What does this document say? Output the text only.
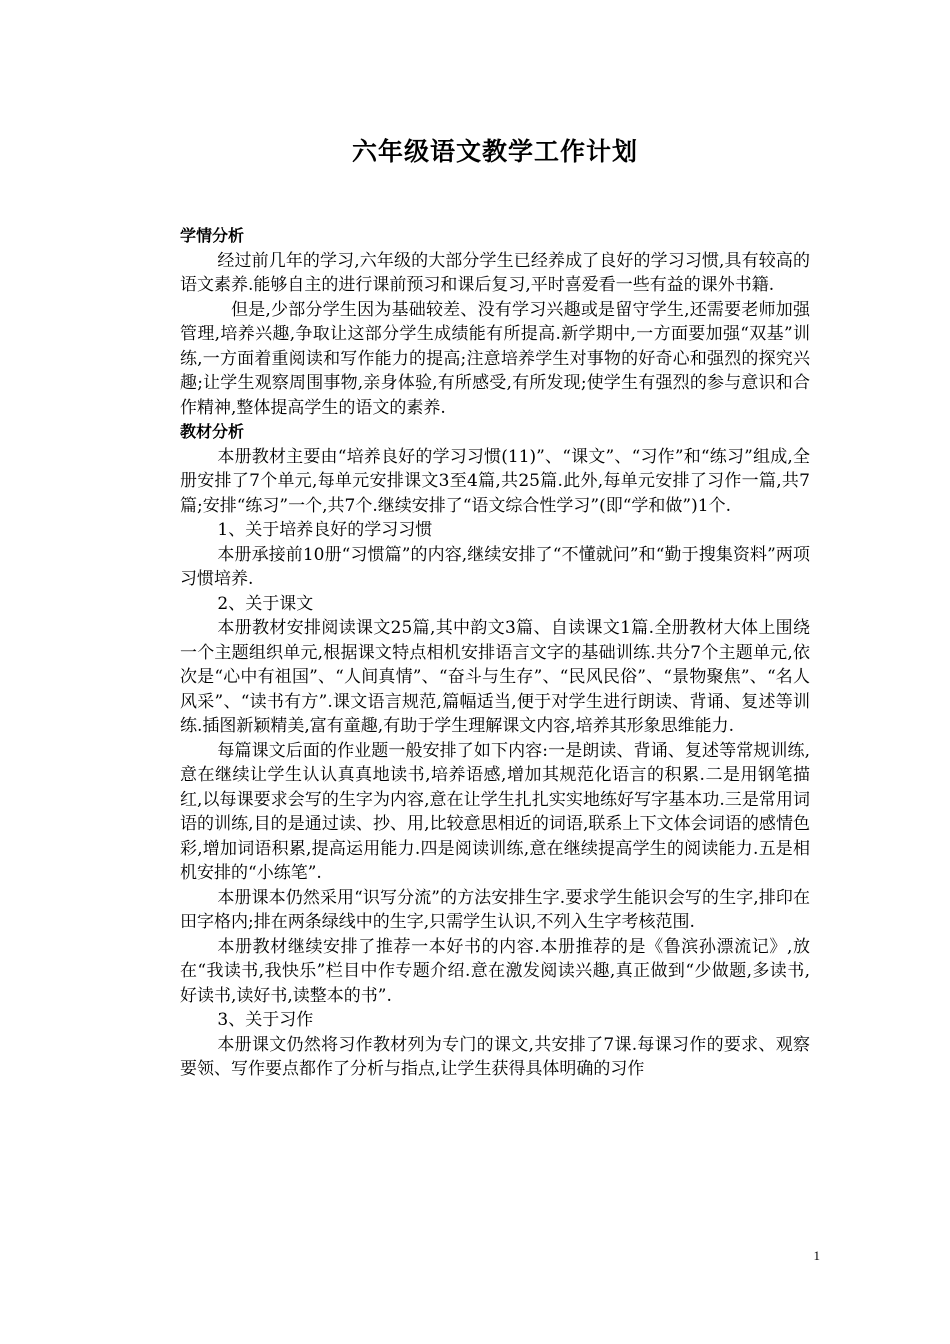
六年级语文教学工作计划

学情分析

经过前几年的学习,六年级的大部分学生已经养成了良好的学习习惯,具有较高的语文素养.能够自主的进行课前预习和课后复习,平时喜爱看一些有益的课外书籍.

但是,少部分学生因为基础较差、没有学习兴趣或是留守学生,还需要老师加强管理,培养兴趣,争取让这部分学生成绩能有所提高.新学期中,一方面要加强“双基”训练,一方面着重阅读和写作能力的提高;注意培养学生对事物的好奇心和强烈的探究兴趣;让学生观察周围事物,亲身体验,有所感受,有所发现;使学生有强烈的参与意识和合作精神,整体提高学生的语文的素养.

教材分析

本册教材主要由“培养良好的学习习惯(11)”、“课文”、“习作”和“练习”组成,全册安排了7个单元,每单元安排课文3至4篇,共25篇.此外,每单元安排了习作一篇,共7篇;安排“练习”一个,共7个.继续安排了“语文综合性学习”(即“学和做”)1个.

1、关于培养良好的学习习惯

本册承接前10册“习惯篇”的内容,继续安排了“不懂就问”和“勤于搜集资料”两项习惯培养.

2、关于课文

本册教材安排阅读课文25篇,其中韵文3篇、自读课文1篇.全册教材大体上围绕一个主题组织单元,根据课文特点相机安排语言文字的基础训练.共分7个主题单元,依次是“心中有祖国”、“人间真情”、“奋斗与生存”、“民风民俗”、“景物聚焦”、“名人风采”、“读书有方”.课文语言规范,篇幅适当,便于对学生进行朗读、背诵、复述等训练.插图新颖精美,富有童趣,有助于学生理解课文内容,培养其形象思维能力.

每篇课文后面的作业题一般安排了如下内容:一是朗读、背诵、复述等常规训练,意在继续让学生认认真真地读书,培养语感,增加其规范化语言的积累.二是用钢笔描红,以每课要求会写的生字为内容,意在让学生扎扎实实地练好写字基本功.三是常用词语的训练,目的是通过读、抄、用,比较意思相近的词语,联系上下文体会词语的感情色彩,增加词语积累,提高运用能力.四是阅读训练,意在继续提高学生的阅读能力.五是相机安排的“小练笔”.

本册课本仍然采用“识写分流”的方法安排生字.要求学生能识会写的生字,排印在田字格内;排在两条绿线中的生字,只需学生认识,不列入生字考核范围.

本册教材继续安排了推荐一本好书的内容.本册推荐的是《鲁滨孙漂流记》,放在“我读书,我快乐”栏目中作专题介绍.意在激发阅读兴趣,真正做到“少做题,多读书,好读书,读好书,读整本的书”.

3、关于习作

本册课文仍然将习作教材列为专门的课文,共安排了7课.每课习作的要求、观察要领、写作要点都作了分析与指点,让学生获得具体明确的习作

1
